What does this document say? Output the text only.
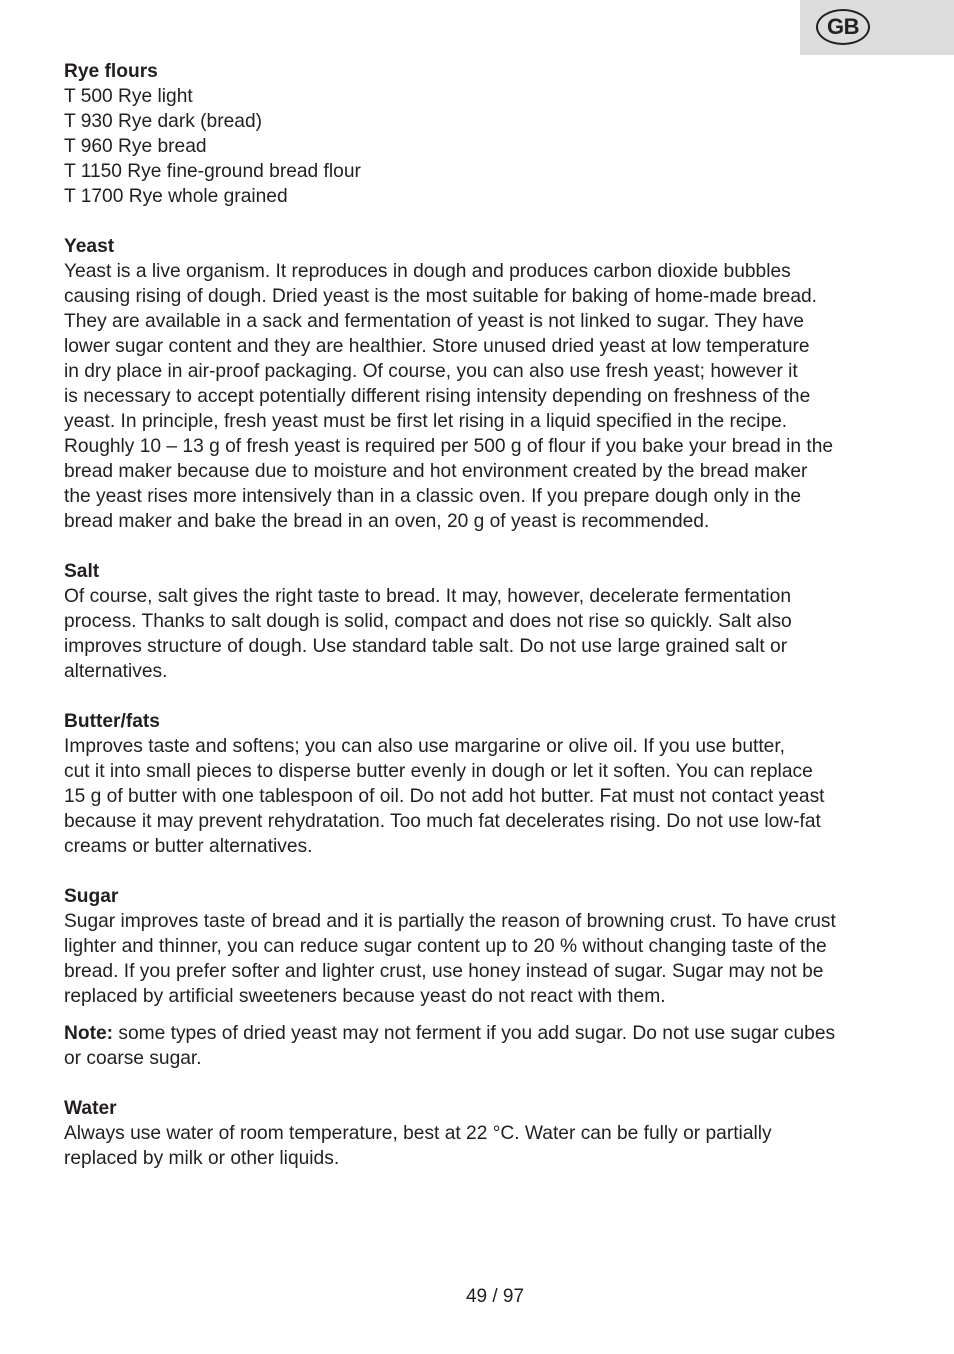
GB
Rye flours
T 500 Rye light
T 930 Rye dark (bread)
T 960 Rye bread
T 1150 Rye fine-ground bread flour
T 1700 Rye whole grained
Yeast
Yeast is a live organism. It reproduces in dough and produces carbon dioxide bubbles
causing rising of dough. Dried yeast is the most suitable for baking of home-made bread.
They are available in a sack and fermentation of yeast is not linked to sugar. They have
lower sugar content and they are healthier. Store unused dried yeast at low temperature
in dry place in air-proof packaging. Of course, you can also use fresh yeast; however it
is necessary to accept potentially different rising intensity depending on freshness of the
yeast. In principle, fresh yeast must be first let rising in a liquid specified in the recipe.
Roughly 10 – 13 g of fresh yeast is required per 500 g of flour if you bake your bread in the
bread maker because due to moisture and hot environment created by the bread maker
the yeast rises more intensively than in a classic oven. If you prepare dough only in the
bread maker and bake the bread in an oven, 20 g of yeast is recommended.
Salt
Of course, salt gives the right taste to bread. It may, however, decelerate fermentation
process. Thanks to salt dough is solid, compact and does not rise so quickly. Salt also
improves structure of dough. Use standard table salt. Do not use large grained salt or
alternatives.
Butter/fats
Improves taste and softens; you can also use margarine or olive oil. If you use butter,
cut it into small pieces to disperse butter evenly in dough or let it soften. You can replace
15 g of butter with one tablespoon of oil. Do not add hot butter. Fat must not contact yeast
because it may prevent rehydratation. Too much fat decelerates rising. Do not use low-fat
creams or butter alternatives.
Sugar
Sugar improves taste of bread and it is partially the reason of browning crust. To have crust
lighter and thinner, you can reduce sugar content up to 20 % without changing taste of the
bread. If you prefer softer and lighter crust, use honey instead of sugar. Sugar may not be
replaced by artificial sweeteners because yeast do not react with them.
Note: some types of dried yeast may not ferment if you add sugar. Do not use sugar cubes
or coarse sugar.
Water
Always use water of room temperature, best at 22 °C. Water can be fully or partially
replaced by milk or other liquids.
49 / 97
